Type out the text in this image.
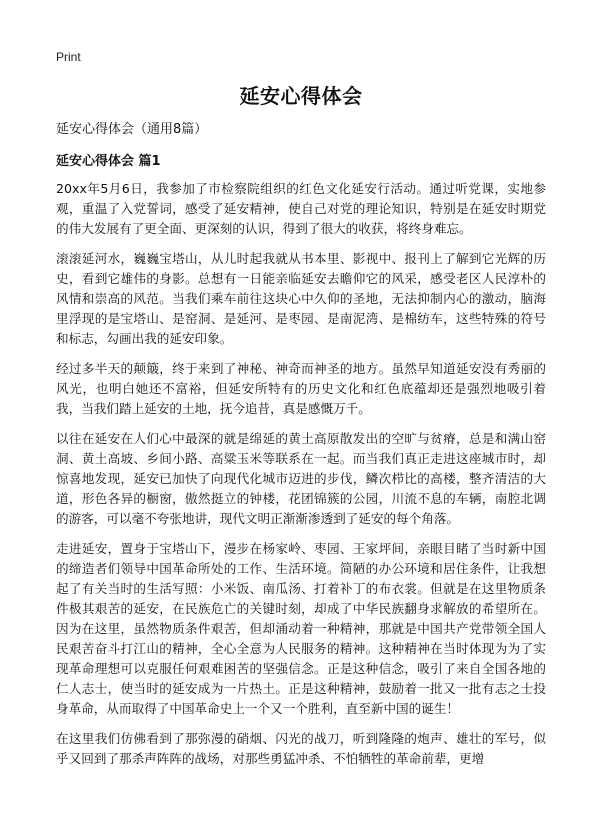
Print
延安心得体会
延安心得体会（通用8篇）
延安心得体会 篇1

20xx年5月6日，我参加了市检察院组织的红色文化延安行活动。通过听党课，实地参观，重温了入党誓词，感受了延安精神，使自己对党的理论知识，特别是在延安时期党的伟大发展有了更全面、更深刻的认识，得到了很大的收获，将终身难忘。

滚滚延河水，巍巍宝塔山，从儿时起我就从书本里、影视中、报刊上了解到它光辉的历史，看到它雄伟的身影。总想有一日能亲临延安去瞻仰它的风采，感受老区人民淳朴的风情和崇高的风范。当我们乘车前往这块心中久仰的圣地，无法抑制内心的激动，脑海里浮现的是宝塔山、是窑洞、是延河、是枣园、是南泥湾、是棉纺车，这些特殊的符号和标志，勾画出我的延安印象。

经过多半天的颠簸，终于来到了神秘、神奇而神圣的地方。虽然早知道延安没有秀丽的风光，也明白她还不富裕，但延安所特有的历史文化和红色底蕴却还是强烈地吸引着我，当我们踏上延安的土地，抚今追昔，真是感慨万千。

以往在延安在人们心中最深的就是绵延的黄土高原散发出的空旷与贫瘠，总是和满山窑洞、黄土高坡、乡间小路、高粱玉米等联系在一起。而当我们真正走进这座城市时，却惊喜地发现，延安已加快了向现代化城市迈进的步伐，鳞次栉比的高楼，整齐清洁的大道，形色各异的橱窗，傲然挺立的钟楼，花团锦簇的公园，川流不息的车辆，南腔北调的游客，可以毫不夸张地讲，现代文明正渐渐渗透到了延安的每个角落。

走进延安，置身于宝塔山下，漫步在杨家岭、枣园、王家坪间，亲眼目睹了当时新中国的缔造者们领导中国革命所处的工作、生活环境。简陋的办公环境和居住条件，让我想起了有关当时的生活写照：小米饭、南瓜汤、打着补丁的布衣裳。但就是在这里物质条件极其艰苦的延安，在民族危亡的关键时刻，却成了中华民族翻身求解放的希望所在。因为在这里，虽然物质条件艰苦，但却涌动着一种精神，那就是中国共产党带领全国人民艰苦奋斗打江山的精神，全心全意为人民服务的精神。这种精神在当时体现为为了实现革命理想可以克服任何艰难困苦的坚强信念。正是这种信念，吸引了来自全国各地的仁人志士，使当时的延安成为一片热土。正是这种精神，鼓励着一批又一批有志之士投身革命，从而取得了中国革命史上一个又一个胜利，直至新中国的诞生！

在这里我们仿佛看到了那弥漫的硝烟、闪光的战刀，听到隆隆的炮声、雄壮的军号，似乎又回到了那杀声阵阵的战场，对那些勇猛冲杀、不怕牺牲的革命前辈，更增
